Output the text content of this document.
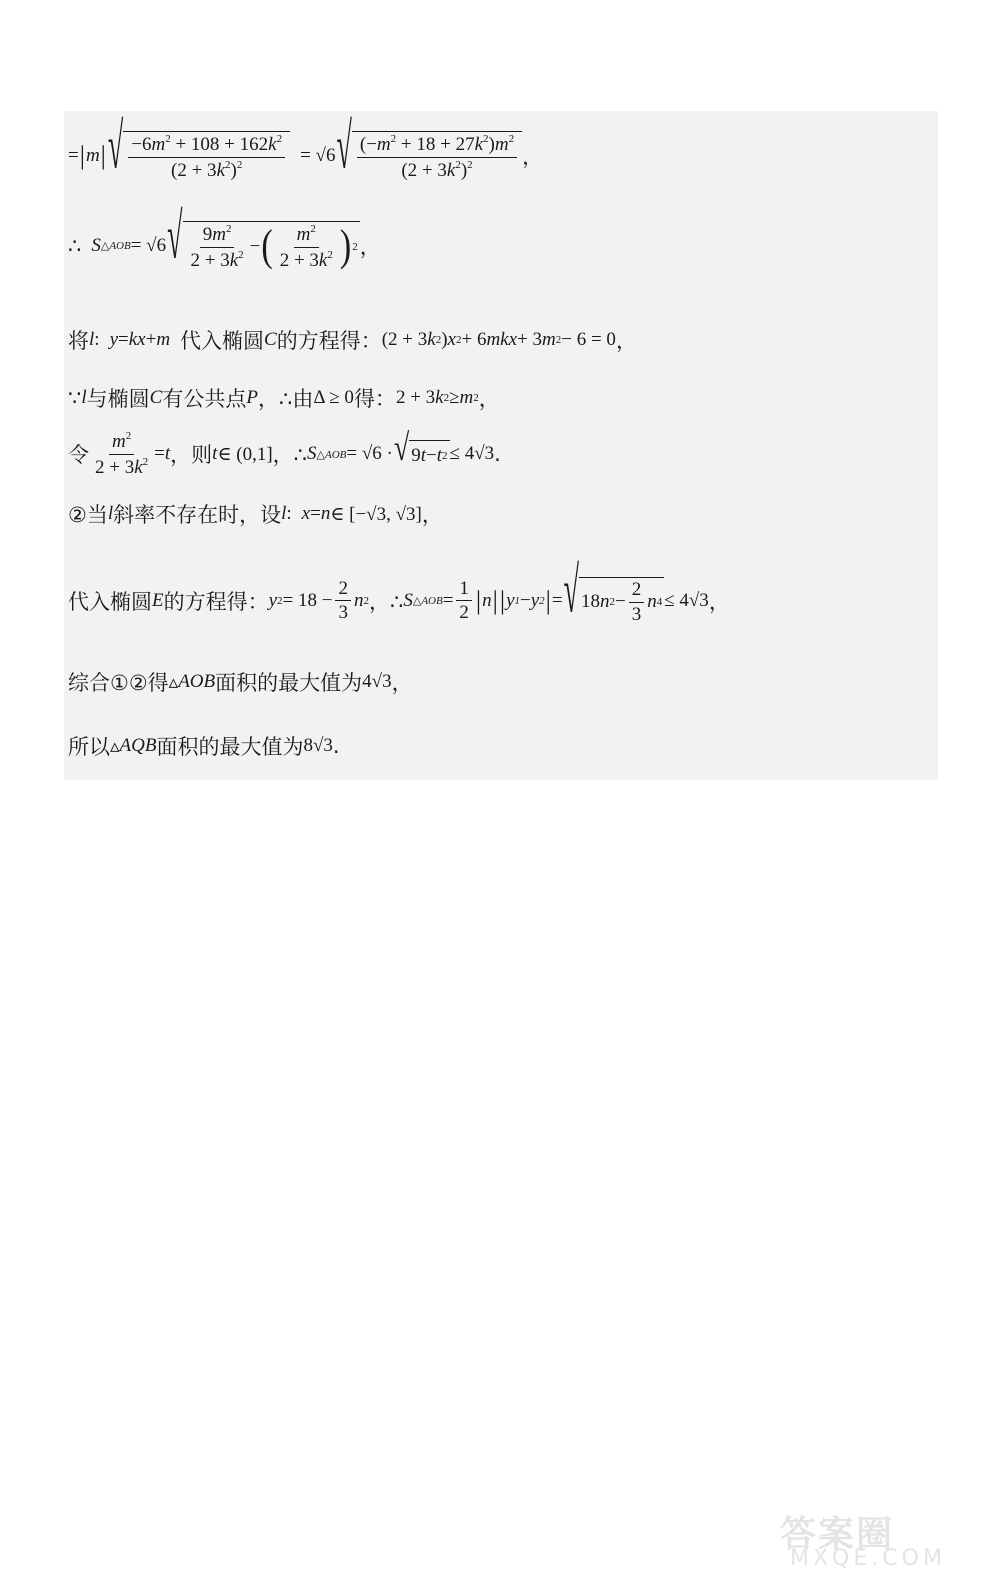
= | m | √ $\frac{-6m^2 + 108 + 162k^2}{(2 + 3k^2)^2} = √6$ √ $\frac{(-m^2 + 18 + 27k^2)m^2}{(2 + 3k^2)^2}$ ，
∴ S △AOB = √6 √ $\frac{9m^2}{2 + 3k^2}$ − ( $\frac{m^2}{2 + 3k^2}$ ) 2 ，
将 l : y = kx + m 代入椭圆 C 的方程得： (2 + 3 k 2 ) x 2 + 6 mkx + 3 m 2 − 6 = 0 ，
∵ l 与椭圆 C 有公共点 P ，∴由 Δ ≥ 0 得： 2 + 3 k 2 ≥ m 2 ，
令 $\frac{m^2}{2 + 3k^2} = t$ ，则 t ∈ (0,1] ，∴ S △AOB = √6 · √ 9 t − t 2 ≤ 4√3 .
②当 l 斜率不存在时，设 l : x = n ∈ [−√3, √3] ，
代入椭圆 E 的方程得： y $2 = 18 - \frac{2}{3}$ n 2 ，∴ S △AOB = $\frac{1}{2}$ | n | | y 1 − y 2 | = √ 18 n $2 - \frac{2}{3}$ n 4 ≤ 4√3 ，
综合①②得 ▵ AOB 面积的最大值为 4√3 ，
所以 ▵ AQB 面积的最大值为 8√3 .
答案圈
MXQE.COM
